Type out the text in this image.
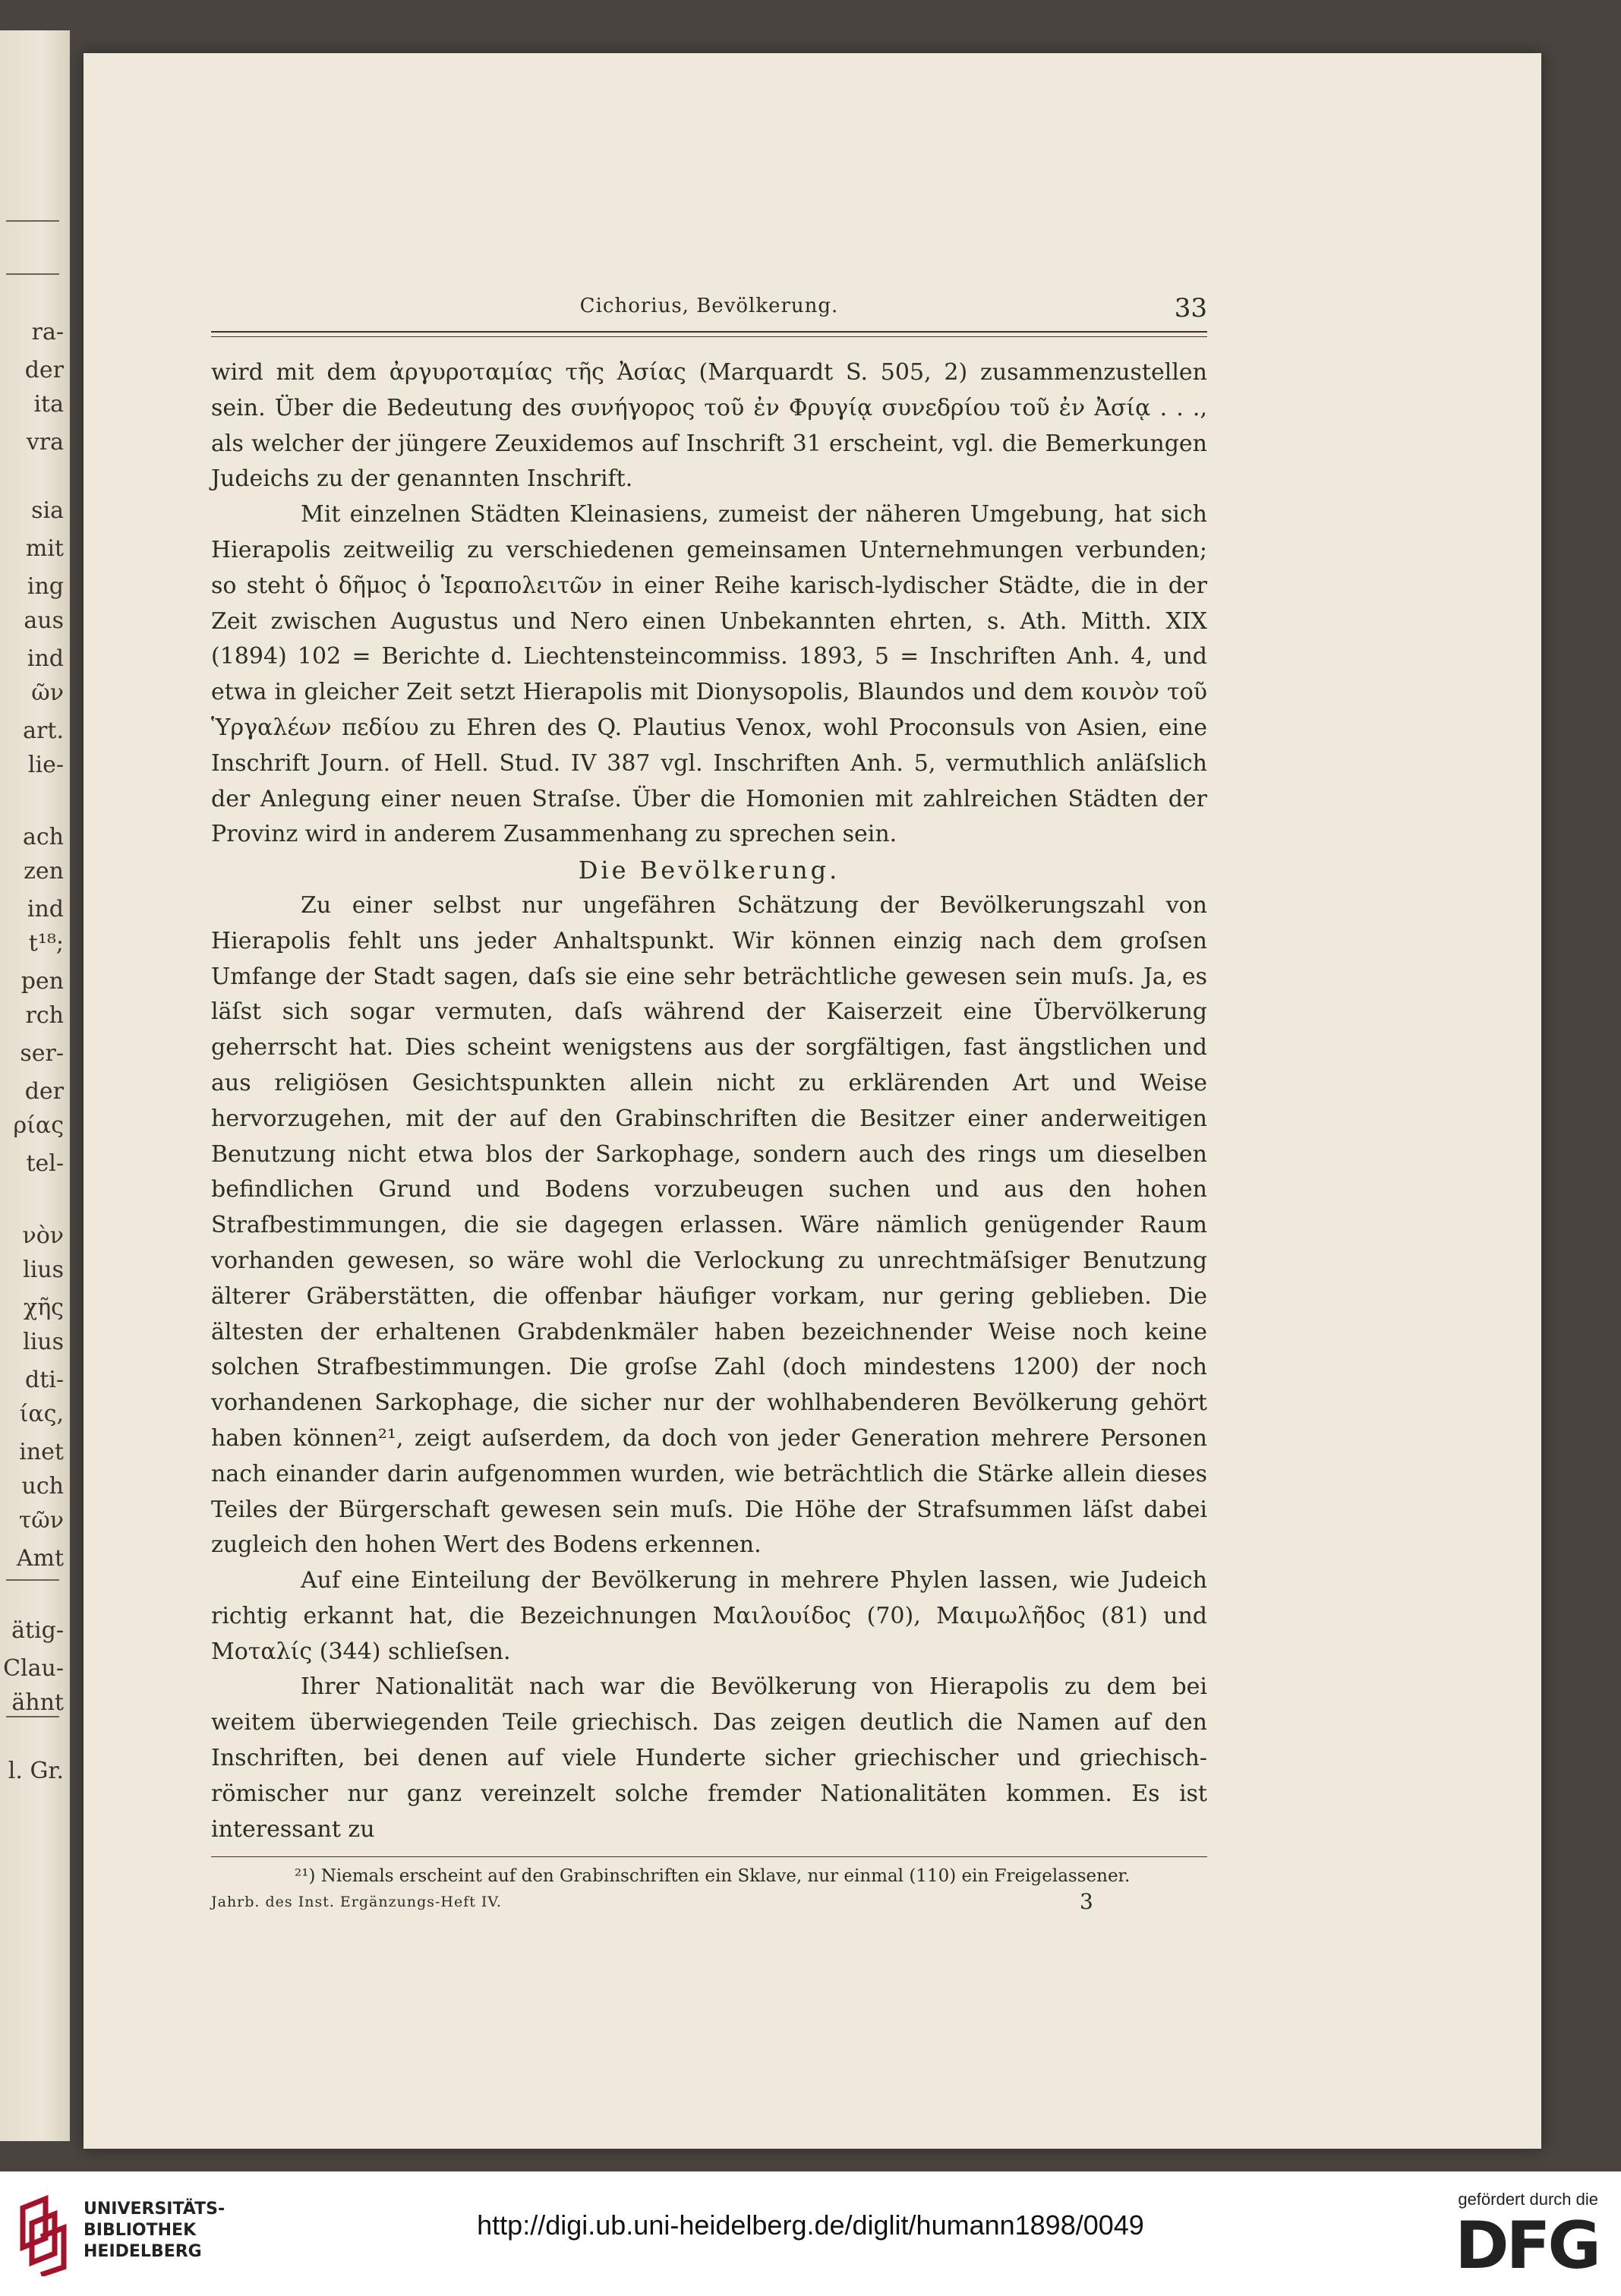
ra-
der
ita
vra
sia
mit
ing
aus
ind
ῶν
art.
lie-
ach
zen
ind
t¹⁸;
pen
rch
ser-
der
ρίας
tel-
νὸν
lius
χῆς
lius
dti-
ίας,
inet
uch
τῶν
Amt
ätig-
Clau-
ähnt
l. Gr.
Cichorius, Bevölkerung.	33

wird mit dem ἀργυροταμίας τῆς Ἀσίας (Marquardt S. 505, 2) zusammenzustellen sein. Über die Bedeutung des συνήγορος τοῦ ἐν Φρυγίᾳ συνεδρίου τοῦ ἐν Ἀσίᾳ . . ., als welcher der jüngere Zeuxidemos auf Inschrift 31 erscheint, vgl. die Bemerkungen Judeichs zu der genannten Inschrift.

Mit einzelnen Städten Kleinasiens, zumeist der näheren Umgebung, hat sich Hierapolis zeitweilig zu verschiedenen gemeinsamen Unternehmungen verbunden; so steht ὁ δῆμος ὁ Ἱεραπολειτῶν in einer Reihe karisch-lydischer Städte, die in der Zeit zwischen Augustus und Nero einen Unbekannten ehrten, s. Ath. Mitth. XIX (1894) 102 = Berichte d. Liechtensteincommiss. 1893, 5 = Inschriften Anh. 4, und etwa in gleicher Zeit setzt Hierapolis mit Dionysopolis, Blaundos und dem κοινὸν τοῦ Ὑργαλέων πεδίου zu Ehren des Q. Plautius Venox, wohl Proconsuls von Asien, eine Inschrift Journ. of Hell. Stud. IV 387 vgl. Inschriften Anh. 5, vermuthlich anläſslich der Anlegung einer neuen Straſse. Über die Homonien mit zahlreichen Städten der Provinz wird in anderem Zusammenhang zu sprechen sein.

Die Bevölkerung.

Zu einer selbst nur ungefähren Schätzung der Bevölkerungszahl von Hierapolis fehlt uns jeder Anhaltspunkt. Wir können einzig nach dem groſsen Umfange der Stadt sagen, daſs sie eine sehr beträchtliche gewesen sein muſs. Ja, es läſst sich sogar vermuten, daſs während der Kaiserzeit eine Übervölkerung geherrscht hat. Dies scheint wenigstens aus der sorgfältigen, fast ängstlichen und aus religiösen Gesichtspunkten allein nicht zu erklärenden Art und Weise hervorzugehen, mit der auf den Grabinschriften die Besitzer einer anderweitigen Benutzung nicht etwa blos der Sarkophage, sondern auch des rings um dieselben befindlichen Grund und Bodens vorzubeugen suchen und aus den hohen Strafbestimmungen, die sie dagegen erlassen. Wäre nämlich genügender Raum vorhanden gewesen, so wäre wohl die Verlockung zu unrechtmäſsiger Benutzung älterer Gräberstätten, die offenbar häufiger vorkam, nur gering geblieben. Die ältesten der erhaltenen Grabdenkmäler haben bezeichnender Weise noch keine solchen Strafbestimmungen. Die groſse Zahl (doch mindestens 1200) der noch vorhandenen Sarkophage, die sicher nur der wohlhabenderen Bevölkerung gehört haben können²¹, zeigt auſserdem, da doch von jeder Generation mehrere Personen nach einander darin aufgenommen wurden, wie beträchtlich die Stärke allein dieses Teiles der Bürgerschaft gewesen sein muſs. Die Höhe der Strafsummen läſst dabei zugleich den hohen Wert des Bodens erkennen.

Auf eine Einteilung der Bevölkerung in mehrere Phylen lassen, wie Judeich richtig erkannt hat, die Bezeichnungen Μαιλουίδος (70), Μαιμωλῆδος (81) und Μοταλίς (344) schlieſsen.

Ihrer Nationalität nach war die Bevölkerung von Hierapolis zu dem bei weitem überwiegenden Teile griechisch. Das zeigen deutlich die Namen auf den Inschriften, bei denen auf viele Hunderte sicher griechischer und griechisch-römischer nur ganz vereinzelt solche fremder Nationalitäten kommen. Es ist interessant zu

²¹) Niemals erscheint auf den Grabinschriften ein Sklave, nur einmal (110) ein Freigelassener.

Jahrb. des Inst. Ergänzungs-Heft IV.	3
UNIVERSITÄTS-
BIBLIOTHEK
HEIDELBERG
http://digi.ub.uni-heidelberg.de/diglit/humann1898/0049
gefördert durch die
DFG
